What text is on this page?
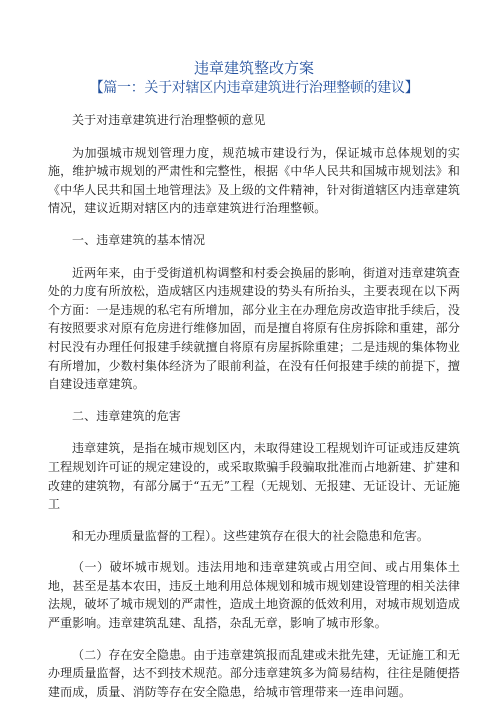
违章建筑整改方案
【篇一：关于对辖区内违章建筑进行治理整顿的建议】

关于对违章建筑进行治理整顿的意见

为加强城市规划管理力度，规范城市建设行为，保证城市总体规划的实施，维护城市规划的严肃性和完整性，根据《中华人民共和国城市规划法》和《中华人民共和国土地管理法》及上级的文件精神，针对街道辖区内违章建筑情况，建议近期对辖区内的违章建筑进行治理整顿。

一、违章建筑的基本情况

近两年来，由于受街道机构调整和村委会换届的影响，街道对违章建筑查处的力度有所放松，造成辖区内违规建设的势头有所抬头，主要表现在以下两个方面：一是违规的私宅有所增加，部分业主在办理危房改造审批手续后，没有按照要求对原有危房进行维修加固，而是擅自将原有住房拆除和重建，部分村民没有办理任何报建手续就擅自将原有房屋拆除重建；二是违规的集体物业有所增加，少数村集体经济为了眼前利益，在没有任何报建手续的前提下，擅自建设违章建筑。

二、违章建筑的危害

违章建筑，是指在城市规划区内，未取得建设工程规划许可证或违反建筑工程规划许可证的规定建设的，或采取欺骗手段骗取批准而占地新建、扩建和改建的建筑物，有部分属于“五无”工程（无规划、无报建、无证设计、无证施工

和无办理质量监督的工程）。这些建筑存在很大的社会隐患和危害。

（一）破坏城市规划。违法用地和违章建筑或占用空间、或占用集体土地，甚至是基本农田，违反土地利用总体规划和城市规划建设管理的相关法律法规，破坏了城市规划的严肃性，造成土地资源的低效利用，对城市规划造成严重影响。违章建筑乱建、乱搭，杂乱无章，影响了城市形象。

（二）存在安全隐患。由于违章建筑报而乱建或未批先建，无证施工和无办理质量监督，达不到技术规范。部分违章建筑多为简易结构，往往是随便搭建而成，质量、消防等存在安全隐患，给城市管理带来一连串问题。
